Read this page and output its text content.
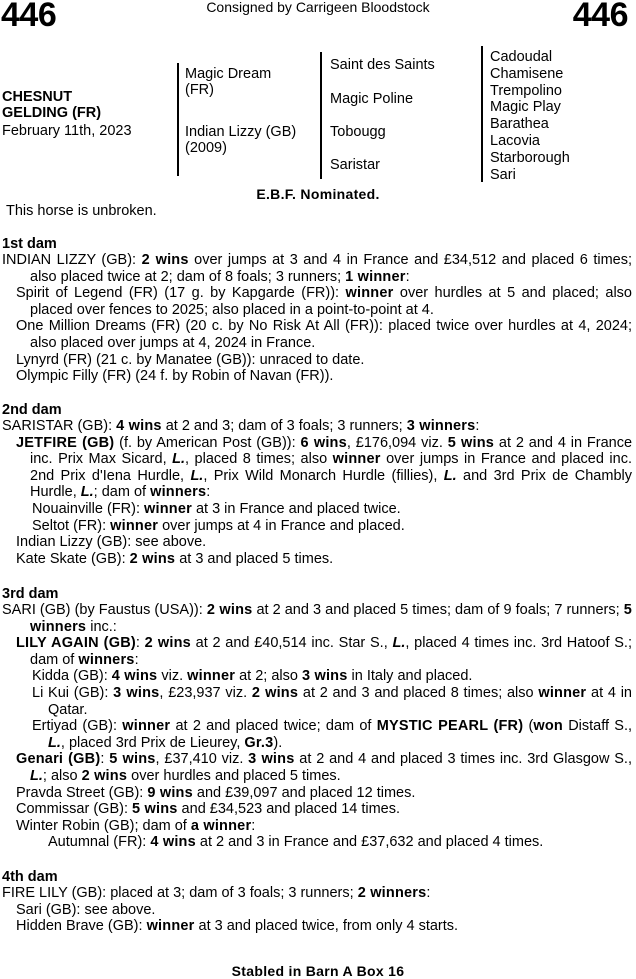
446	446
Consigned by Carrigeen Bloodstock
CHESNUT
GELDING (FR)
February 11th, 2023
Magic Dream
(FR)
Indian Lizzy (GB)
(2009)
Saint des Saints
Magic Poline
Tobougg
Saristar
Cadoudal
Chamisene
Trempolino
Magic Play
Barathea
Lacovia
Starborough
Sari
E.B.F. Nominated.
This horse is unbroken.
1st dam
INDIAN LIZZY (GB): 2 wins over jumps at 3 and 4 in France and £34,512 and placed 6 times; also placed twice at 2; dam of 8 foals; 3 runners; 1 winner:
Spirit of Legend (FR) (17 g. by Kapgarde (FR)): winner over hurdles at 5 and placed; also placed over fences to 2025; also placed in a point-to-point at 4.
One Million Dreams (FR) (20 c. by No Risk At All (FR)): placed twice over hurdles at 4, 2024; also placed over jumps at 4, 2024 in France.
Lynyrd (FR) (21 c. by Manatee (GB)): unraced to date.
Olympic Filly (FR) (24 f. by Robin of Navan (FR)).
2nd dam
SARISTAR (GB): 4 wins at 2 and 3; dam of 3 foals; 3 runners; 3 winners:
JETFIRE (GB) (f. by American Post (GB)): 6 wins, £176,094 viz. 5 wins at 2 and 4 in France inc. Prix Max Sicard, L., placed 8 times; also winner over jumps in France and placed inc. 2nd Prix d'Iena Hurdle, L., Prix Wild Monarch Hurdle (fillies), L. and 3rd Prix de Chambly Hurdle, L.; dam of winners:
Nouainville (FR): winner at 3 in France and placed twice.
Seltot (FR): winner over jumps at 4 in France and placed.
Indian Lizzy (GB): see above.
Kate Skate (GB): 2 wins at 3 and placed 5 times.
3rd dam
SARI (GB) (by Faustus (USA)): 2 wins at 2 and 3 and placed 5 times; dam of 9 foals; 7 runners; 5 winners inc.:
LILY AGAIN (GB): 2 wins at 2 and £40,514 inc. Star S., L., placed 4 times inc. 3rd Hatoof S.; dam of winners:
Kidda (GB): 4 wins viz. winner at 2; also 3 wins in Italy and placed.
Li Kui (GB): 3 wins, £23,937 viz. 2 wins at 2 and 3 and placed 8 times; also winner at 4 in Qatar.
Ertiyad (GB): winner at 2 and placed twice; dam of MYSTIC PEARL (FR) (won Distaff S., L., placed 3rd Prix de Lieurey, Gr.3).
Genari (GB): 5 wins, £37,410 viz. 3 wins at 2 and 4 and placed 3 times inc. 3rd Glasgow S., L.; also 2 wins over hurdles and placed 5 times.
Pravda Street (GB): 9 wins and £39,097 and placed 12 times.
Commissar (GB): 5 wins and £34,523 and placed 14 times.
Winter Robin (GB); dam of a winner:
Autumnal (FR): 4 wins at 2 and 3 in France and £37,632 and placed 4 times.
4th dam
FIRE LILY (GB): placed at 3; dam of 3 foals; 3 runners; 2 winners:
Sari (GB): see above.
Hidden Brave (GB): winner at 3 and placed twice, from only 4 starts.
Stabled in Barn A Box 16
